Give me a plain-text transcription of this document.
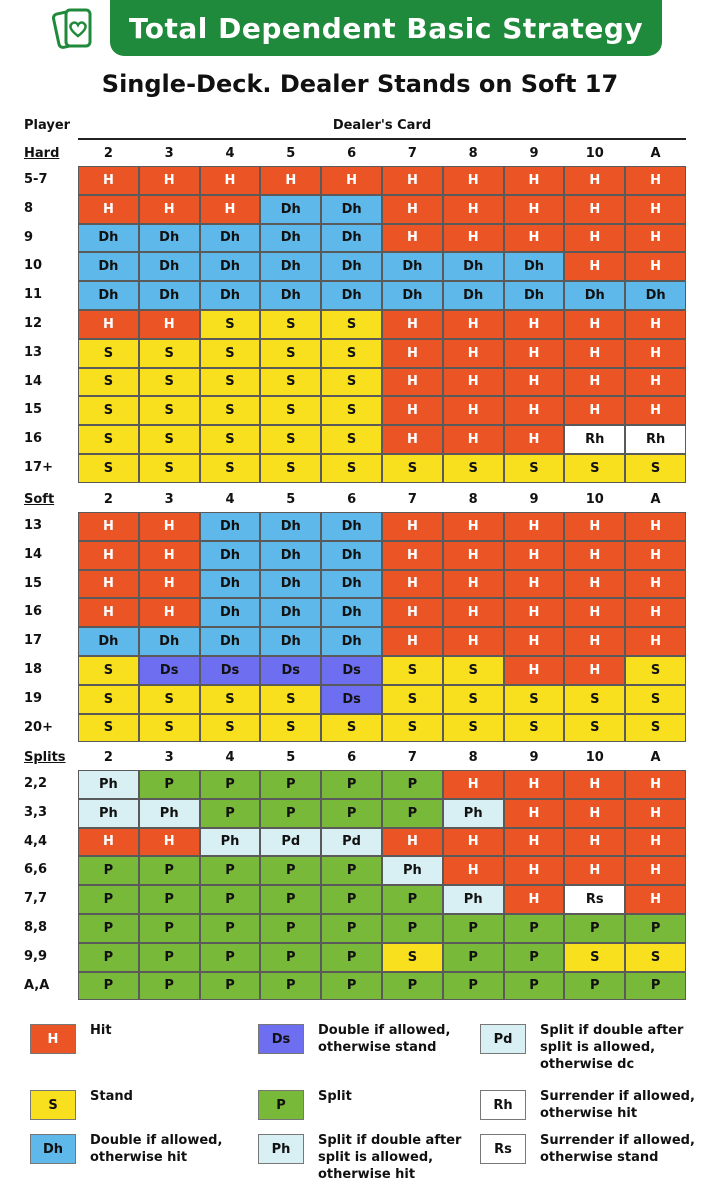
Total Dependent Basic Strategy
Single-Deck. Dealer Stands on Soft 17
Player	Dealer's Card
Hard	2	3	4	5	6	7	8	9	10	A
5-7	H	H	H	H	H	H	H	H	H	H
8	H	H	H	Dh	Dh	H	H	H	H	H
9	Dh	Dh	Dh	Dh	Dh	H	H	H	H	H
10	Dh	Dh	Dh	Dh	Dh	Dh	Dh	Dh	H	H
11	Dh	Dh	Dh	Dh	Dh	Dh	Dh	Dh	Dh	Dh
12	H	H	S	S	S	H	H	H	H	H
13	S	S	S	S	S	H	H	H	H	H
14	S	S	S	S	S	H	H	H	H	H
15	S	S	S	S	S	H	H	H	H	H
16	S	S	S	S	S	H	H	H	Rh	Rh
17+	S	S	S	S	S	S	S	S	S	S
Soft	2	3	4	5	6	7	8	9	10	A
13	H	H	Dh	Dh	Dh	H	H	H	H	H
14	H	H	Dh	Dh	Dh	H	H	H	H	H
15	H	H	Dh	Dh	Dh	H	H	H	H	H
16	H	H	Dh	Dh	Dh	H	H	H	H	H
17	Dh	Dh	Dh	Dh	Dh	H	H	H	H	H
18	S	Ds	Ds	Ds	Ds	S	S	H	H	S
19	S	S	S	S	Ds	S	S	S	S	S
20+	S	S	S	S	S	S	S	S	S	S
Splits	2	3	4	5	6	7	8	9	10	A
2,2	Ph	P	P	P	P	P	H	H	H	H
3,3	Ph	Ph	P	P	P	P	Ph	H	H	H
4,4	H	H	Ph	Pd	Pd	H	H	H	H	H
6,6	P	P	P	P	P	Ph	H	H	H	H
7,7	P	P	P	P	P	P	Ph	H	Rs	H
8,8	P	P	P	P	P	P	P	P	P	P
9,9	P	P	P	P	P	S	P	P	S	S
A,A	P	P	P	P	P	P	P	P	P	P
H
Hit
Ds
Double if allowed, otherwise stand
Pd
Split if double after split is allowed, otherwise dc
S
Stand
P
Split
Rh
Surrender if allowed, otherwise hit
Dh
Double if allowed, otherwise hit
Ph
Split if double after split is allowed, otherwise hit
Rs
Surrender if allowed, otherwise stand
